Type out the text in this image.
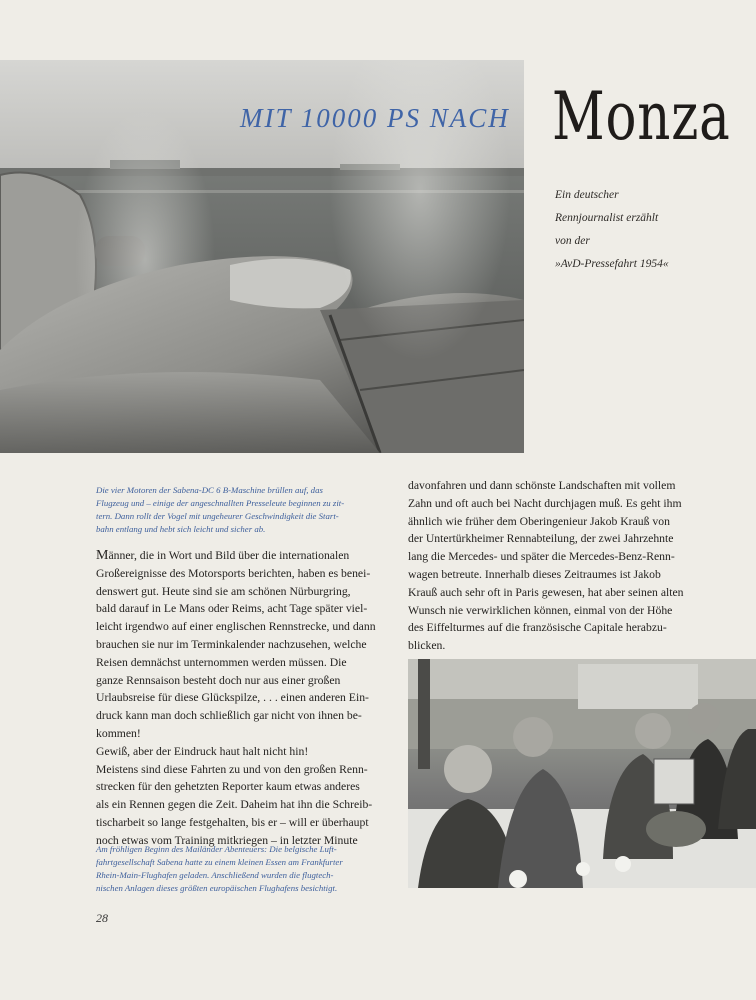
MIT 10000 PS NACH Monza
Ein deutscher
Rennjournalist erzählt
von der
»AvD-Pressefahrt 1954«
Die vier Motoren der Sabena-DC 6 B-Maschine brüllen auf, das
Flugzeug und – einige der angeschnallten Presseleute beginnen zu zit-
tern. Dann rollt der Vogel mit ungeheurer Geschwindigkeit die Start-
bahn entlang und hebt sich leicht und sicher ab.
Männer, die in Wort und Bild über die internationalen
Großereignisse des Motorsports berichten, haben es benei-
denswert gut. Heute sind sie am schönen Nürburgring,
bald darauf in Le Mans oder Reims, acht Tage später viel-
leicht irgendwo auf einer englischen Rennstrecke, und dann
brauchen sie nur im Terminkalender nachzusehen, welche
Reisen demnächst unternommen werden müssen. Die
ganze Rennsaison besteht doch nur aus einer großen
Urlaubsreise für diese Glückspilze, . . . einen anderen Ein-
druck kann man doch schließlich gar nicht von ihnen be-
kommen!
Gewiß, aber der Eindruck haut halt nicht hin!
Meistens sind diese Fahrten zu und von den großen Renn-
strecken für den gehetzten Reporter kaum etwas anderes
als ein Rennen gegen die Zeit. Daheim hat ihn die Schreib-
tischarbeit so lange festgehalten, bis er – will er überhaupt
noch etwas vom Training mitkriegen – in letzter Minute
davonfahren und dann schönste Landschaften mit vollem
Zahn und oft auch bei Nacht durchjagen muß. Es geht ihm
ähnlich wie früher dem Oberingenieur Jakob Krauß von
der Untertürkheimer Rennabteilung, der zwei Jahrzehnte
lang die Mercedes- und später die Mercedes-Benz-Renn-
wagen betreute. Innerhalb dieses Zeitraumes ist Jakob
Krauß auch sehr oft in Paris gewesen, hat aber seinen alten
Wunsch nie verwirklichen können, einmal von der Höhe
des Eiffelturmes auf die französische Capitale herabzu-
blicken.
Am fröhligen Beginn des Mailänder Abenteuers: Die belgische Luft-
fahrtgesellschaft Sabena hatte zu einem kleinen Essen am Frankfurter
Rhein-Main-Flughafen geladen. Anschließend wurden die flugtech-
nischen Anlagen dieses größten europäischen Flughafens besichtigt.
28
